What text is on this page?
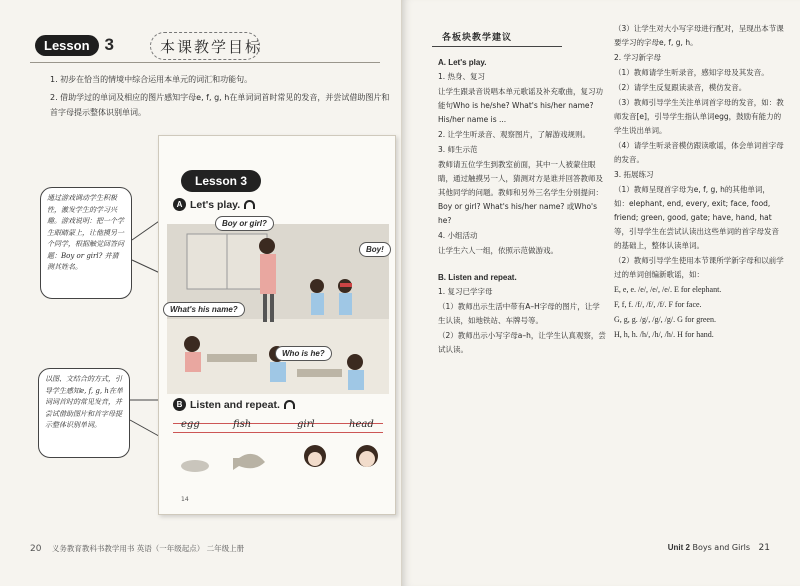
Lesson 3	本课教学目标

1. 初步在恰当的情境中综合运用本单元的词汇和功能句。

2. 借助学过的单词及相应的图片感知字母e, f, g, h在单词词首时常见的发音，并尝试借助图片和首字母提示整体识别单词。

通过游戏调动学生积极性，激发学生的学习兴趣。游戏说明：把一个学生眼睛蒙上，让他摸另一个同学，根据触觉回答问题：Boy or girl? 并猜测其姓名。
以图、文结合的方式，引导学生感知e, f, g, h在单词词首时的常见发音，并尝试借助图片和首字母提示整体识别单词。
Lesson 3
A Let's play.
Boy or girl?
Boy!
What's his name?
Who is he?
B Listen and repeat.
egg	fish	girl	head
14
20 义务教育教科书教学用书 英语（一年级起点） 二年级上册
各板块教学建议
A. Let's play.

1. 热身、复习

让学生跟录音说唱本单元歌谣及补充歌曲，复习功能句Who is he/she? What's his/her name? His/her name is ...

2. 让学生听录音、观察图片，了解游戏规则。

3. 师生示范

教师请五位学生到教室前面，其中一人被蒙住眼睛，通过触摸另一人，猜测对方是谁并回答教师及其他同学的问题。教师和另外三名学生分别提问：Boy or girl? What's his/her name? 或Who's he?

4. 小组活动

让学生六人一组，依照示范做游戏。

B. Listen and repeat.

1. 复习已学字母

（1）教师出示生活中带有A–H字母的图片，让学生认读，如地铁站、车牌号等。

（2）教师出示小写字母a–h，让学生认真观察，尝试认读。

（3）让学生对大小写字母进行配对，呈现出本节课要学习的字母e, f, g, h。

2. 学习新字母

（1）教师请学生听录音，感知字母及其发音。

（2）请学生反复跟读录音，模仿发音。

（3）教师引导学生关注单词首字母的发音，如：教师发音[e]，引导学生指认单词egg，鼓励有能力的学生说出单词。

（4）请学生听录音模仿跟读歌谣，体会单词首字母的发音。

3. 拓展练习

（1）教师呈现首字母为e, f, g, h的其他单词，如：elephant, end, every, exit; face, food, friend; green, good, gate; have, hand, hat等，引导学生在尝试认读出这些单词的首字母发音的基础上，整体认读单词。

（2）教师引导学生使用本节课所学新字母和以前学过的单词创编新歌谣，如：

E, e, e. /e/, /e/, /e/. E for elephant.

F, f, f. /f/, /f/, /f/. F for face.

G, g, g. /g/, /g/, /g/. G for green.

H, h, h. /h/, /h/, /h/. H for hand.

Unit 2 Boys and Girls 21
